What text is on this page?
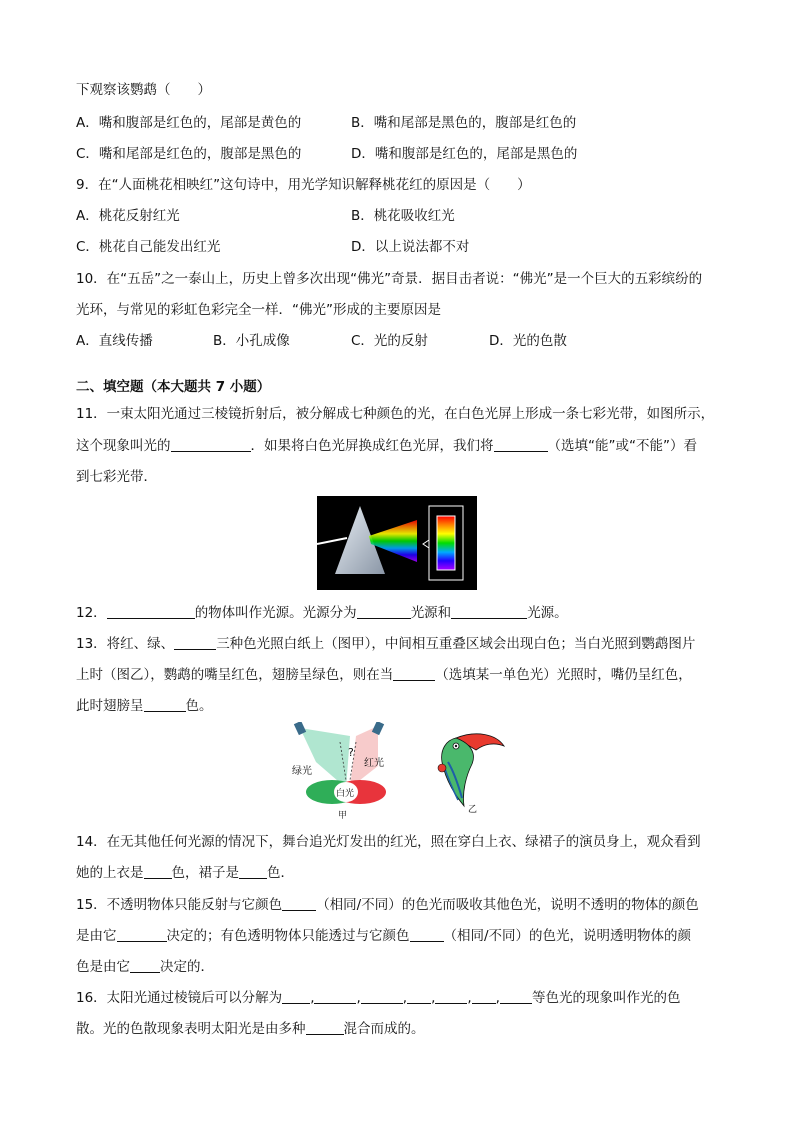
下观察该鹦鹉（　　）
A．嘴和腹部是红色的，尾部是黄色的	B．嘴和尾部是黑色的，腹部是红色的
C．嘴和尾部是红色的，腹部是黑色的	D．嘴和腹部是红色的，尾部是黑色的
9．在“人面桃花相映红”这句诗中，用光学知识解释桃花红的原因是（　　）
A．桃花反射红光	B．桃花吸收红光
C．桃花自己能发出红光	D．以上说法都不对
10．在“五岳”之一泰山上，历史上曾多次出现“佛光”奇景．据目击者说：“佛光”是一个巨大的五彩缤纷的
光环，与常见的彩虹色彩完全一样．“佛光”形成的主要原因是
A．直线传播	B．小孔成像	C．光的反射	D．光的色散
二、填空题（本大题共 7 小题）
11．一束太阳光通过三棱镜折射后，被分解成七种颜色的光，在白色光屏上形成一条七彩光带，如图所示，
这个现象叫光的	．如果将白色光屏换成红色光屏，我们将	（选填“能”或“不能”）看
到七彩光带．
12．	的物体叫作光源。光源分为	光源和	光源。
13．将红、绿、	三种色光照白纸上（图甲），中间相互重叠区域会出现白色；当白光照到鹦鹉图片
上时（图乙），鹦鹉的嘴呈红色，翅膀呈绿色，则在当	（选填某一单色光）光照时，嘴仍呈红色，
此时翅膀呈	色。
?
绿光
红光
白光
甲
乙
14．在无其他任何光源的情况下，舞台追光灯发出的红光，照在穿白上衣、绿裙子的演员身上，观众看到
她的上衣是 色，裙子是 色．
15．不透明物体只能反射与它颜色	（相同/不同）的色光而吸收其他色光，说明不透明的物体的颜色
是由它	决定的；有色透明物体只能透过与它颜色	（相同/不同）的色光，说明透明物体的颜
色是由它 决定的．
16．太阳光通过棱镜后可以分解为 ,	,	, , , , 等色光的现象叫作光的色
散。光的色散现象表明太阳光是由多种	混合而成的。
